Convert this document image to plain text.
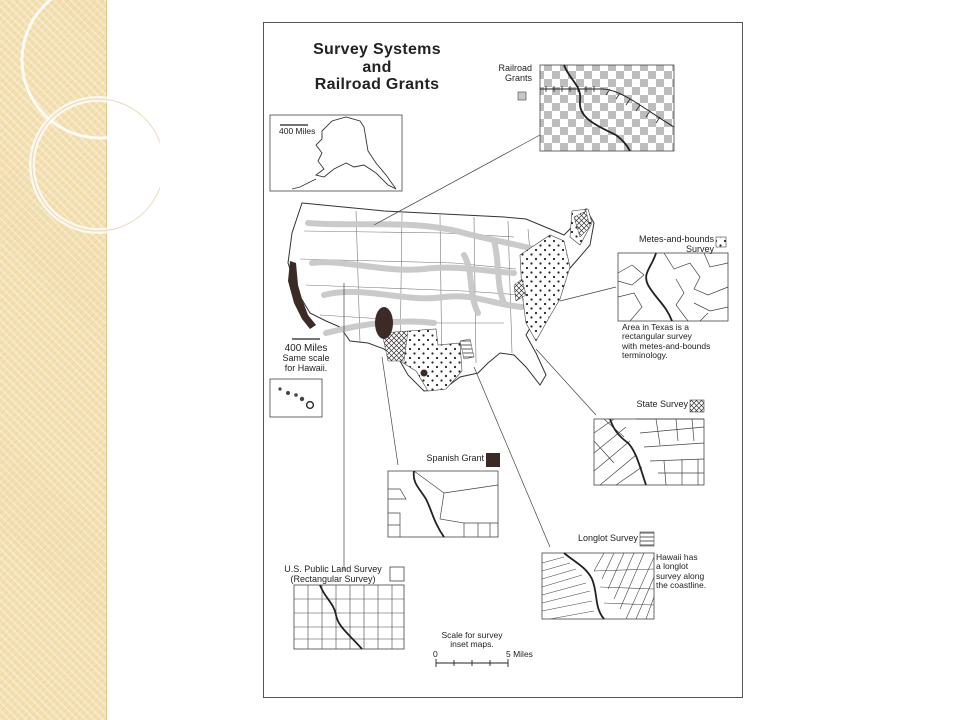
Survey Systems
and
Railroad Grants
400 Miles
400 Miles
Same scale
for Hawaii.
Railroad
Grants
Metes-and-bounds
Survey
Area in Texas is a
rectangular survey
with metes-and-bounds
terminology.
State Survey
Spanish Grant
Longlot Survey
Hawaii has
a longlot
survey along
the coastline.
U.S. Public Land Survey
(Rectangular Survey)
Scale for survey
inset maps.
0	5 Miles
